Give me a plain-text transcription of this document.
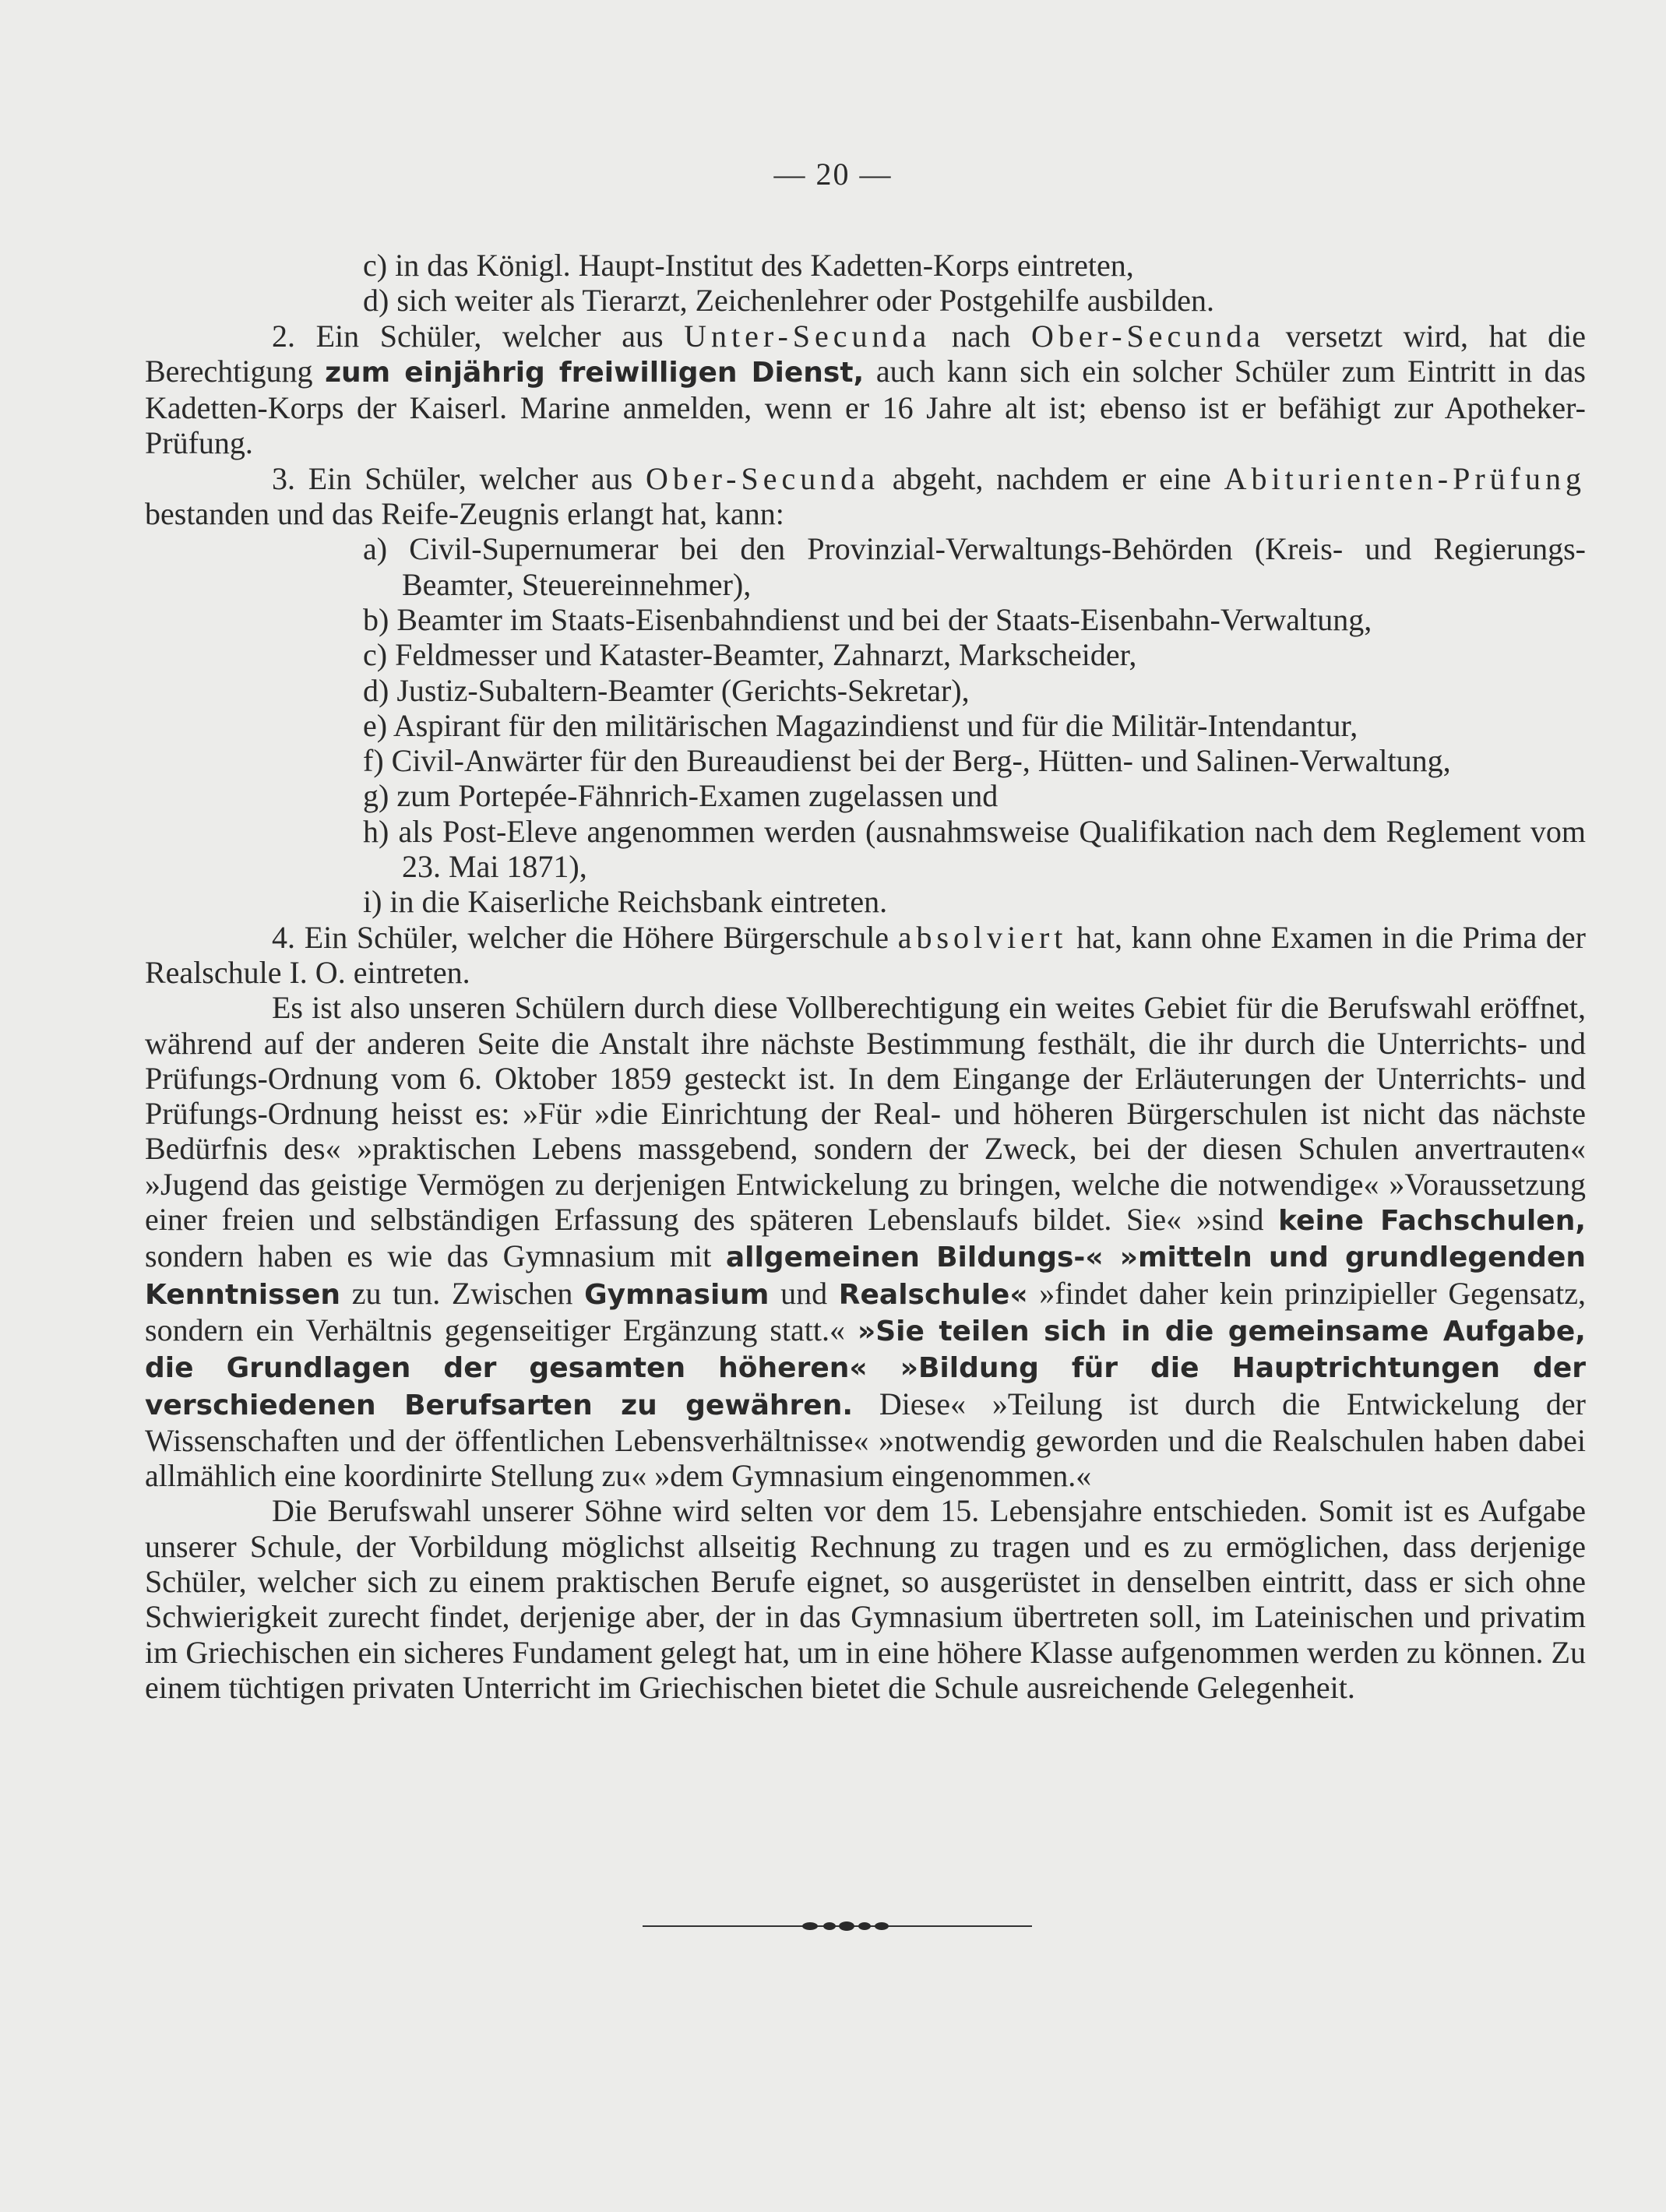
— 20 —

c) in das Königl. Haupt-Institut des Kadetten-Korps eintreten,

d) sich weiter als Tierarzt, Zeichenlehrer oder Postgehilfe ausbilden.

2. Ein Schüler, welcher aus Unter-Secunda nach Ober-Secunda versetzt wird, hat die Berechtigung zum einjährig freiwilligen Dienst, auch kann sich ein solcher Schüler zum Eintritt in das Kadetten-Korps der Kaiserl. Marine anmelden, wenn er 16 Jahre alt ist; ebenso ist er befähigt zur Apotheker-Prüfung.

3. Ein Schüler, welcher aus Ober-Secunda abgeht, nachdem er eine Abiturienten-Prüfung bestanden und das Reife-Zeugnis erlangt hat, kann:

a) Civil-Supernumerar bei den Provinzial-Verwaltungs-Behörden (Kreis- und Regierungs-Beamter, Steuereinnehmer),

b) Beamter im Staats-Eisenbahndienst und bei der Staats-Eisenbahn-Verwaltung,

c) Feldmesser und Kataster-Beamter, Zahnarzt, Markscheider,

d) Justiz-Subaltern-Beamter (Gerichts-Sekretar),

e) Aspirant für den militärischen Magazindienst und für die Militär-Intendantur,

f) Civil-Anwärter für den Bureaudienst bei der Berg-, Hütten- und Salinen-Verwaltung,

g) zum Portepée-Fähnrich-Examen zugelassen und

h) als Post-Eleve angenommen werden (ausnahmsweise Qualifikation nach dem Reglement vom 23. Mai 1871),

i) in die Kaiserliche Reichsbank eintreten.

4. Ein Schüler, welcher die Höhere Bürgerschule absolviert hat, kann ohne Examen in die Prima der Realschule I. O. eintreten.

Es ist also unseren Schülern durch diese Vollberechtigung ein weites Gebiet für die Berufswahl eröffnet, während auf der anderen Seite die Anstalt ihre nächste Bestimmung festhält, die ihr durch die Unterrichts- und Prüfungs-Ordnung vom 6. Oktober 1859 gesteckt ist. In dem Eingange der Erläuterungen der Unterrichts- und Prüfungs-Ordnung heisst es: »Für »die Einrichtung der Real- und höheren Bürgerschulen ist nicht das nächste Bedürfnis des« »praktischen Lebens massgebend, sondern der Zweck, bei der diesen Schulen anvertrauten« »Jugend das geistige Vermögen zu derjenigen Entwickelung zu bringen, welche die notwendige« »Voraussetzung einer freien und selbständigen Erfassung des späteren Lebenslaufs bildet. Sie« »sind keine Fachschulen, sondern haben es wie das Gymnasium mit allgemeinen Bildungs-« »mitteln und grundlegenden Kenntnissen zu tun. Zwischen Gymnasium und Realschule« »findet daher kein prinzipieller Gegensatz, sondern ein Verhältnis gegenseitiger Ergänzung statt.« »Sie teilen sich in die gemeinsame Aufgabe, die Grundlagen der gesamten höheren« »Bildung für die Hauptrichtungen der verschiedenen Berufsarten zu gewähren. Diese« »Teilung ist durch die Entwickelung der Wissenschaften und der öffentlichen Lebensverhältnisse« »notwendig geworden und die Realschulen haben dabei allmählich eine koordinirte Stellung zu« »dem Gymnasium eingenommen.«

Die Berufswahl unserer Söhne wird selten vor dem 15. Lebensjahre entschieden. Somit ist es Aufgabe unserer Schule, der Vorbildung möglichst allseitig Rechnung zu tragen und es zu ermöglichen, dass derjenige Schüler, welcher sich zu einem praktischen Berufe eignet, so ausgerüstet in denselben eintritt, dass er sich ohne Schwierigkeit zurecht findet, derjenige aber, der in das Gymnasium übertreten soll, im Lateinischen und privatim im Griechischen ein sicheres Fundament gelegt hat, um in eine höhere Klasse aufgenommen werden zu können. Zu einem tüchtigen privaten Unterricht im Griechischen bietet die Schule ausreichende Gelegenheit.
